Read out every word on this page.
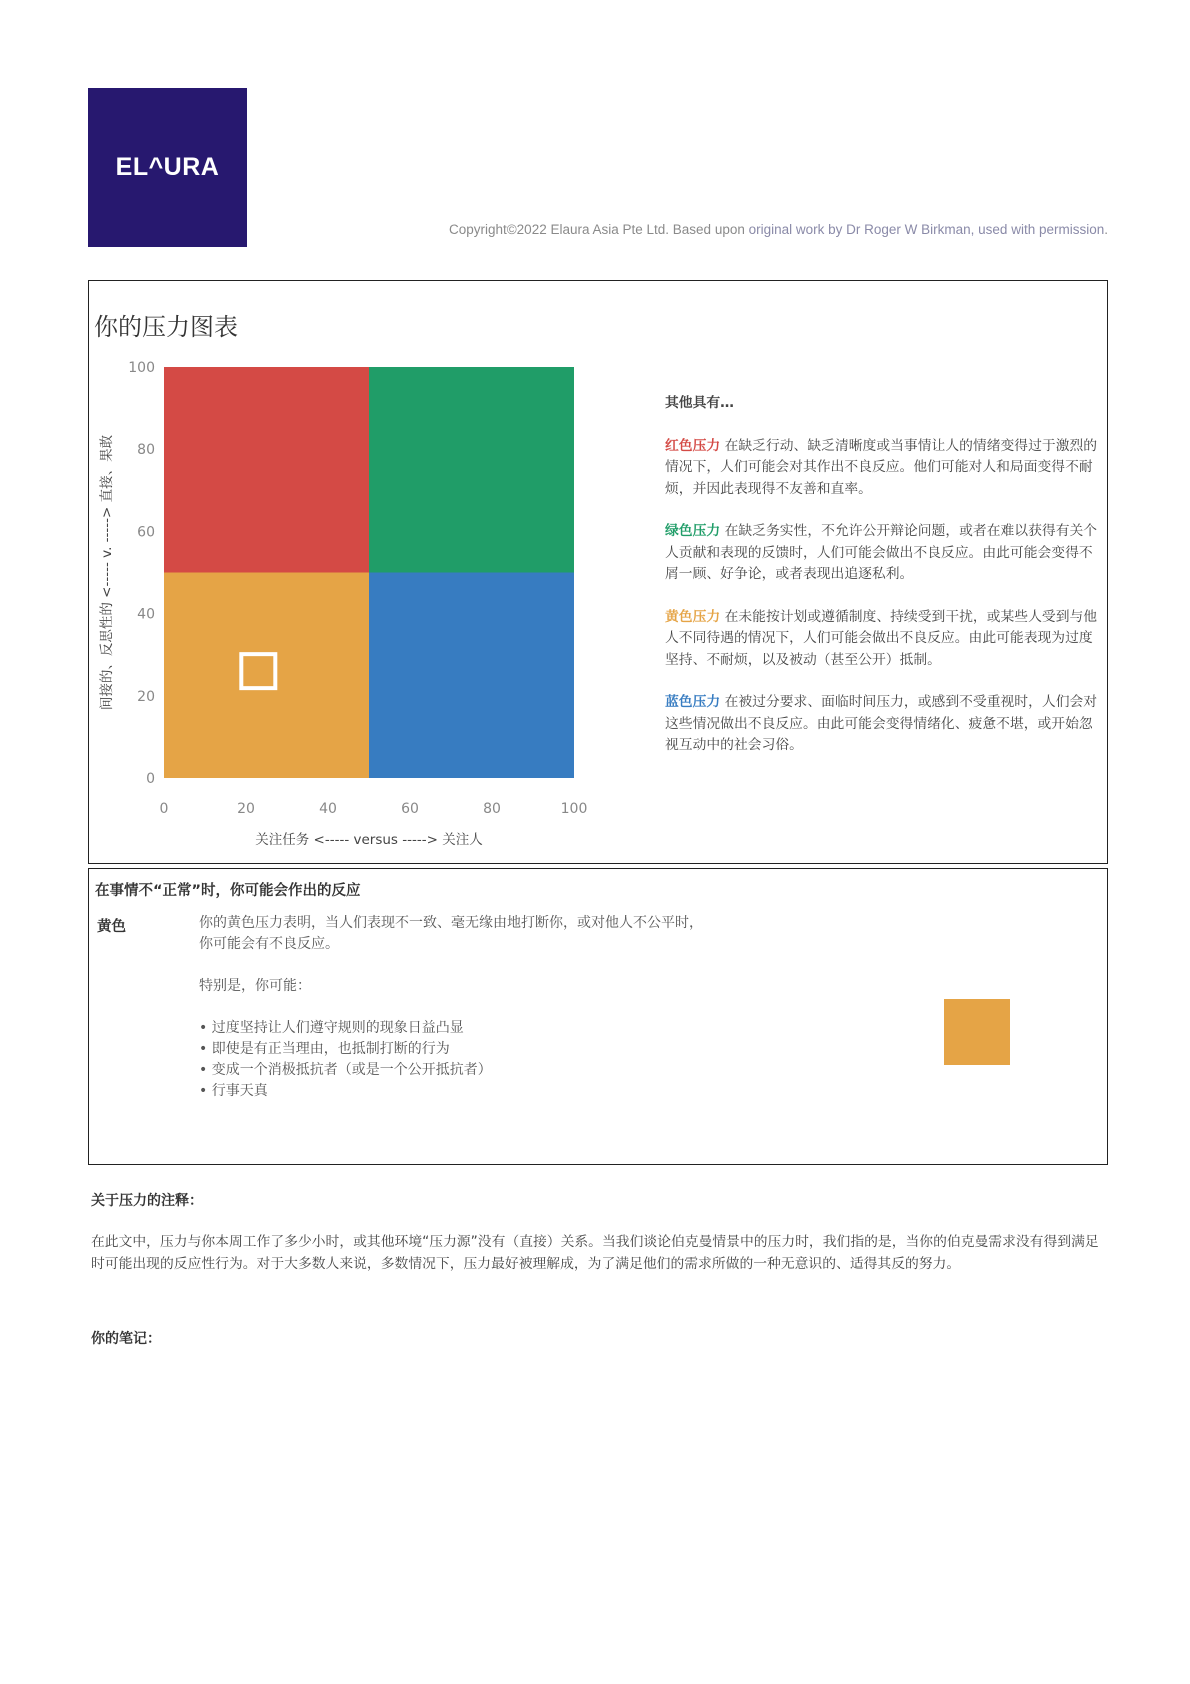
EL^URA
Copyright©2022 Elaura Asia Pte Ltd. Based upon original work by Dr Roger W Birkman, used with permission.
你的压力图表
0	20	40	60	80	100
0
20
40
60
80
100
关注任务 <----- versus -----> 关注人
间接的、反思性的 <----- v. -----> 直接、果敢
其他具有…

红色压力 在缺乏行动、缺乏清晰度或当事情让人的情绪变得过于激烈的情况下，人们可能会对其作出不良反应。他们可能对人和局面变得不耐烦，并因此表现得不友善和直率。

绿色压力 在缺乏务实性，不允许公开辩论问题，或者在难以获得有关个人贡献和表现的反馈时，人们可能会做出不良反应。由此可能会变得不屑一顾、好争论，或者表现出追逐私利。

黄色压力 在未能按计划或遵循制度、持续受到干扰，或某些人受到与他人不同待遇的情况下，人们可能会做出不良反应。由此可能表现为过度坚持、不耐烦，以及被动（甚至公开）抵制。

蓝色压力 在被过分要求、面临时间压力，或感到不受重视时，人们会对这些情况做出不良反应。由此可能会变得情绪化、疲惫不堪，或开始忽视互动中的社会习俗。

在事情不“正常”时，你可能会作出的反应
黄色	你的黄色压力表明，当人们表现不一致、毫无缘由地打断你，或对他人不公平时，
你可能会有不良反应。
特别是，你可能：
• 过度坚持让人们遵守规则的现象日益凸显
• 即使是有正当理由，也抵制打断的行为
• 变成一个消极抵抗者（或是一个公开抵抗者）
• 行事天真
关于压力的注释：
在此文中，压力与你本周工作了多少小时，或其他环境“压力源”没有（直接）关系。当我们谈论伯克曼情景中的压力时，我们指的是，当你的伯克曼需求没有得到满足时可能出现的反应性行为。对于大多数人来说，多数情况下，压力最好被理解成，为了满足他们的需求所做的一种无意识的、适得其反的努力。
你的笔记：
